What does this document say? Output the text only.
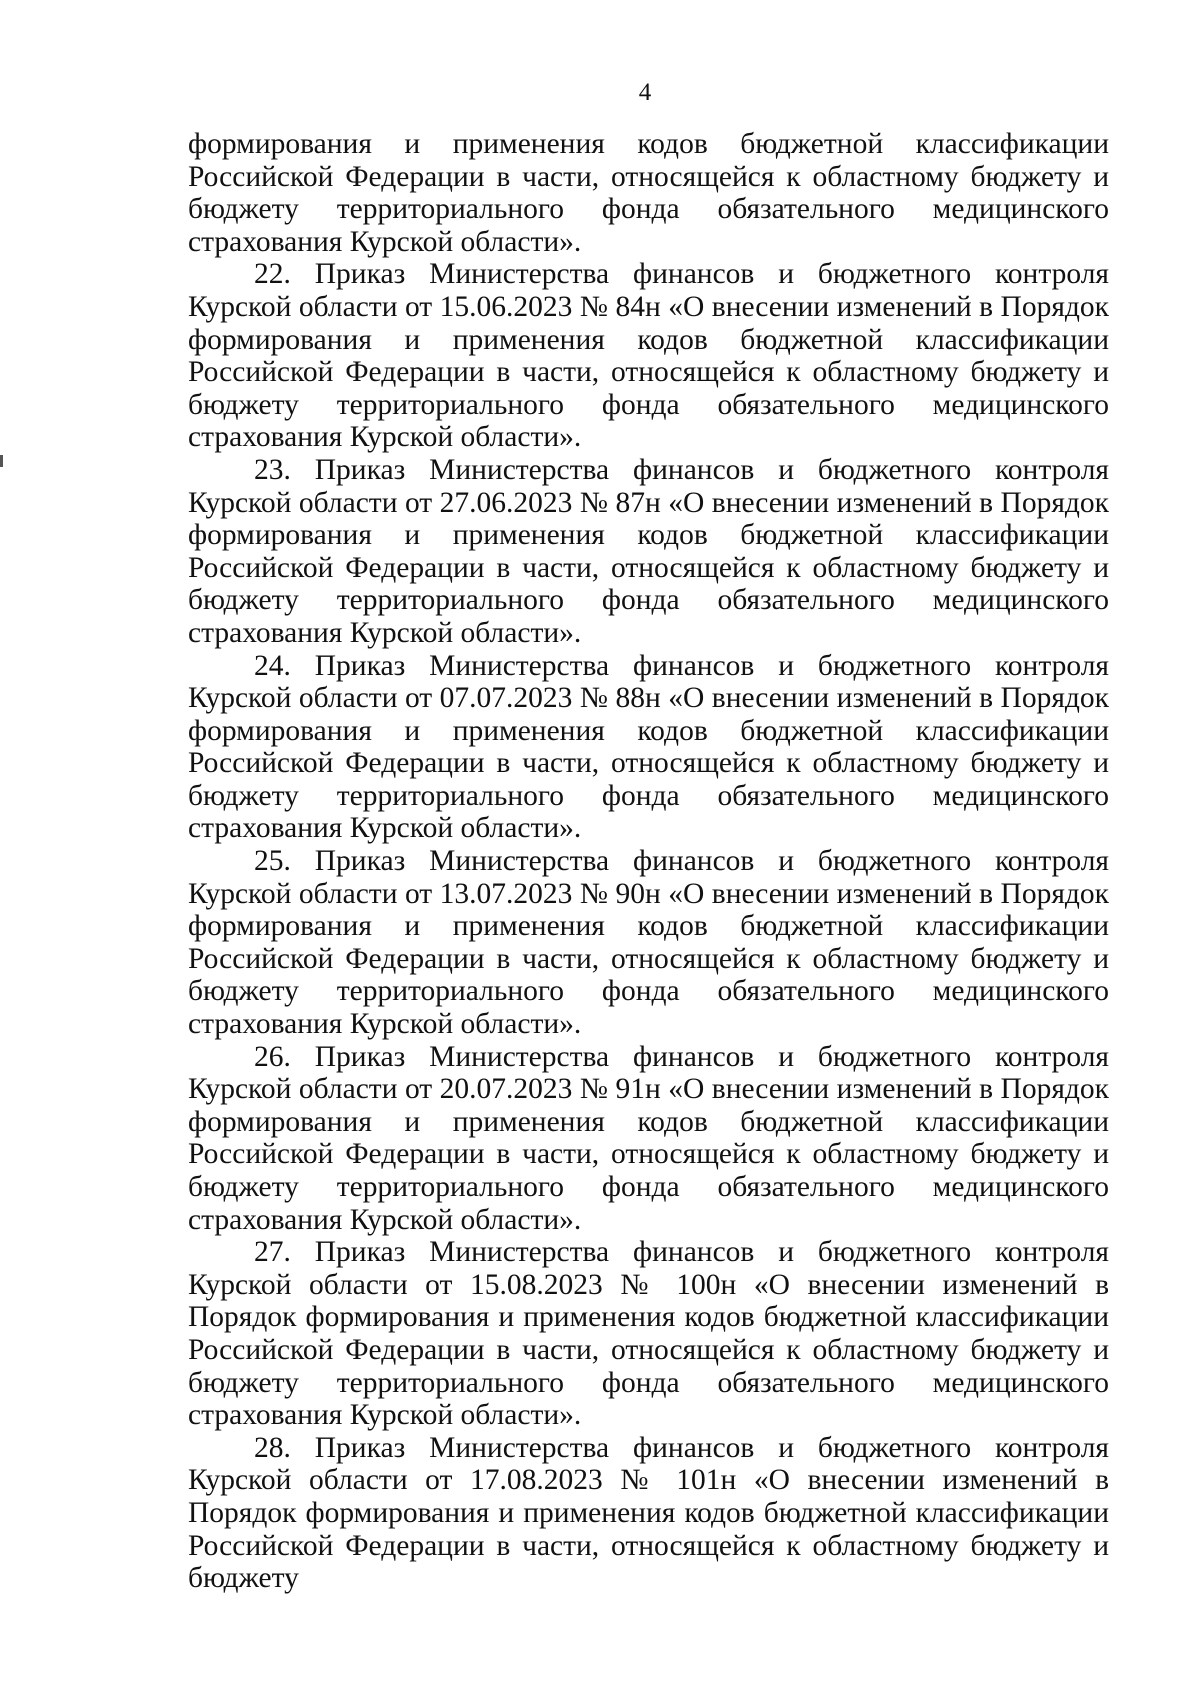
4

формирования и применения кодов бюджетной классификации Российской Федерации в части, относящейся к областному бюджету и бюджету территориального фонда обязательного медицинского страхования Курской области».

22. Приказ Министерства финансов и бюджетного контроля Курской области от 15.06.2023 № 84н «О внесении изменений в Порядок формирования и применения кодов бюджетной классификации Российской Федерации в части, относящейся к областному бюджету и бюджету территориального фонда обязательного медицинского страхования Курской области».

23. Приказ Министерства финансов и бюджетного контроля Курской области от 27.06.2023 № 87н «О внесении изменений в Порядок формирования и применения кодов бюджетной классификации Российской Федерации в части, относящейся к областному бюджету и бюджету территориального фонда обязательного медицинского страхования Курской области».

24. Приказ Министерства финансов и бюджетного контроля Курской области от 07.07.2023 № 88н «О внесении изменений в Порядок формирования и применения кодов бюджетной классификации Российской Федерации в части, относящейся к областному бюджету и бюджету территориального фонда обязательного медицинского страхования Курской области».

25. Приказ Министерства финансов и бюджетного контроля Курской области от 13.07.2023 № 90н «О внесении изменений в Порядок формирования и применения кодов бюджетной классификации Российской Федерации в части, относящейся к областному бюджету и бюджету территориального фонда обязательного медицинского страхования Курской области».

26. Приказ Министерства финансов и бюджетного контроля Курской области от 20.07.2023 № 91н «О внесении изменений в Порядок формирования и применения кодов бюджетной классификации Российской Федерации в части, относящейся к областному бюджету и бюджету территориального фонда обязательного медицинского страхования Курской области».

27. Приказ Министерства финансов и бюджетного контроля Курской области от 15.08.2023 № 100н «О внесении изменений в Порядок формирования и применения кодов бюджетной классификации Российской Федерации в части, относящейся к областному бюджету и бюджету территориального фонда обязательного медицинского страхования Курской области».

28. Приказ Министерства финансов и бюджетного контроля Курской области от 17.08.2023 № 101н «О внесении изменений в Порядок формирования и применения кодов бюджетной классификации Российской Федерации в части, относящейся к областному бюджету и бюджету
